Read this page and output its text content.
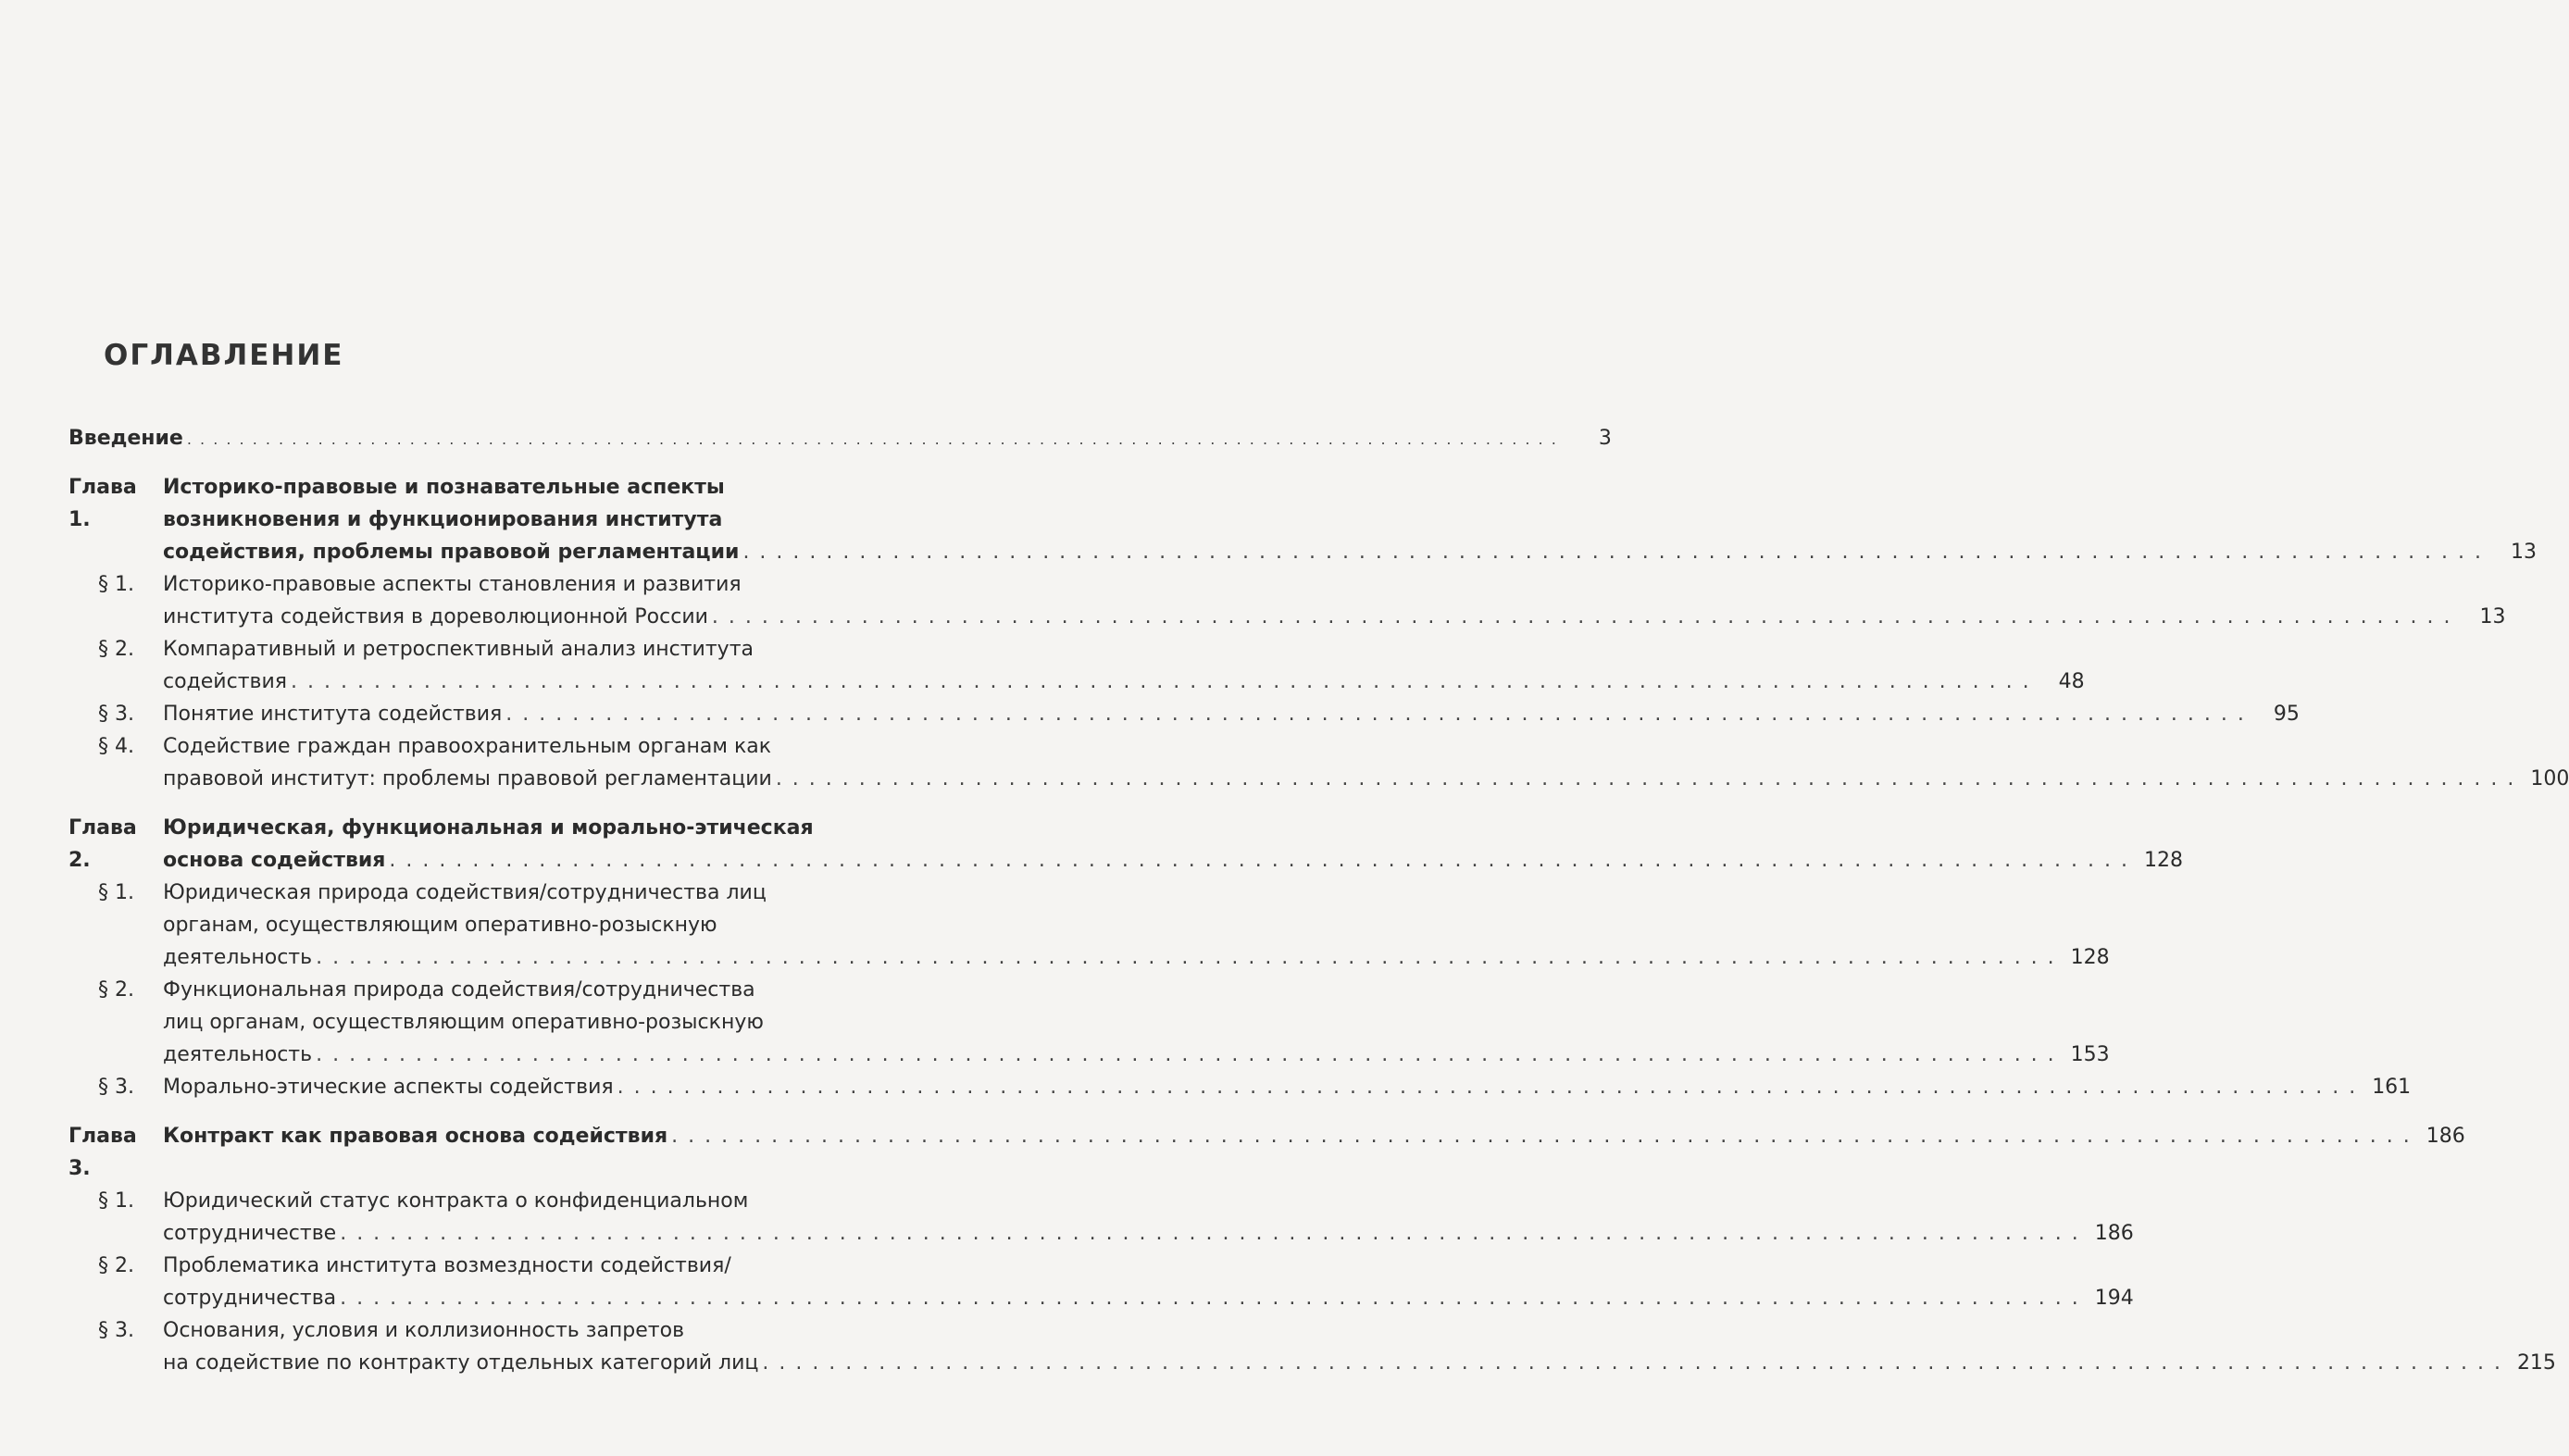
ОГЛАВЛЕНИЕ
Введение . . .	3
Глава 1.
Историко-правовые и познавательные аспекты
возникновения и функционирования института
содействия, проблемы правовой регламентации . . .	13
§ 1.	Историко-правовые аспекты становления и развития
института содействия в дореволюционной России . . .	13
§ 2.	Компаративный и ретроспективный анализ института
содействия . . .	48
§ 3.	Понятие института содействия . . .	95
§ 4.	Содействие граждан правоохранительным органам как
правовой институт: проблемы правовой регламентации . . .	100
Глава 2.
Юридическая, функциональная и морально-этическая
основа содействия . . .	128
§ 1.	Юридическая природа содействия/сотрудничества лиц
органам, осуществляющим оперативно-розыскную
деятельность . . .	128
§ 2.	Функциональная природа содействия/сотрудничества
лиц органам, осуществляющим оперативно-розыскную
деятельность . . .	153
§ 3.	Морально-этические аспекты содействия . . .	161
Глава 3.
Контракт как правовая основа содействия . . .	186
§ 1.	Юридический статус контракта о конфиденциальном
сотрудничестве . . .	186
§ 2.	Проблематика института возмездности содействия/
сотрудничества . . .	194
§ 3.	Основания, условия и коллизионность запретов
на содействие по контракту отдельных категорий лиц . . .	215
